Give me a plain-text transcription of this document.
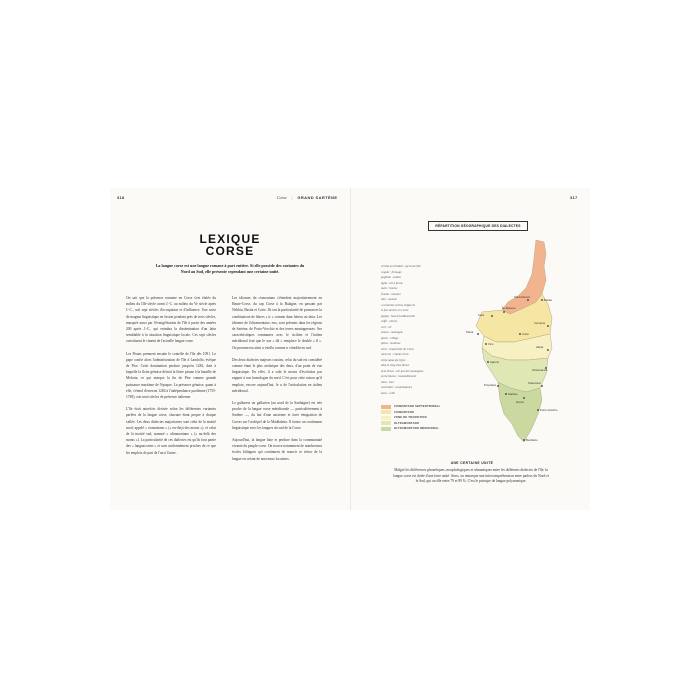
318	317
Corse | GRAND SARTÈNE
LEXIQUE
CORSE
La langue corse est une langue romane à part entière. Si elle possède des variantes du Nord au Sud, elle présente cependant une certaine unité.

On sait que la présence romaine en Corse s'est étalée du milieu du IIIe siècle avant J.-C. au milieu du Ve siècle après J.-C., soit sept siècles d'occupation et d'influence. Une sorte de magma linguistique en fusion pendant près de trois siècles, marquée aussi par l'évangélisation de l'île à partir des années 200 après J.-C., qui entraîna la dissémination d'un latin semblable à la situation linguistique locale. Ces sept siècles constituent le ciment de l'actuelle langue corse.

Les Pisans prennent ensuite le contrôle de l'île dès 1091. Le pape confie alors l'administration de l'île à Landolfo, évêque de Pise. Cette domination perdure jusqu'en 1284, date à laquelle la flotte génoise détruit la flotte pisane à la bataille de Meloria, ce qui marque la fin de Pise comme grande puissance maritime de l'époque. La présence génoise, quant à elle, s'étend d'environ 1284 à l'indépendance paolienne (1755-1769), soit neuf siècles de présence italienne.

L'île était autrefois divisée selon les différentes variantes parlées de la langue corse, chacune étant propre à chaque vallée. Les deux dialectes majoritaires sont celui de la moitié nord, appelé « cismontano » (« en-deçà des monts »), et celui de la moitié sud, nommé « oltramontano » (« au-delà des monts »). La particularité de ces dialectes est qu'ils font partie des « languaccents » et sont uniformément proches de ce que les emplois de part de l'un à l'autre.

Les idiomes du cismontano s'étendent majoritairement en Haute-Corse, du cap Corse à la Balagne, en passant par Nebbiu, Bastia et Corte. Ils ont la particularité de prononcer la combinaison de lettres « tr » comme dans lettera ou fatta. Les idiomes de l'oltramontano, eux, sont présents dans les régions de Sartène, de Porto-Vecchio et des terres montagneuses. Ses caractéristiques communes avec le sicilien et l'italien méridional font que le son « dd » remplace le double « ll ». On prononcera ainsi u vitellu comme u vitteddu en sud.

Des deux dialectes majeurs cousins, celui du sud est considéré comme étant le plus archaïque des deux, d'un point de vue linguistique. En effet, il a subi le moins d'évolution par rapport à son homologue du nord. C'est pour cette raison qu'il emploie, encore aujourd'hui, le u de l'articulation en italien méridional.

Le gallurese ou gallurien (au nord de la Sardaigne) est très proche de la langue corse méridionale — particulièrement à Sartène —, du fait d'une ancienne et forte émigration de Corses sur l'archipel de la Maddalena. Il forme un continuum linguistique avec les langues du sud de la Corse.

Aujourd'hui, la langue latte et perdure dans la communauté vivante du peuple corse. On trouve notamment de nombreuses écoles bilingues qui continuent de nourrir ce trésor de la langue en créant de nouveaux locuteurs.

RÉPARTITION GÉOGRAPHIQUE DES DIALECTES
ch'ella un brindisi : qu'il une fête
cogulu : fromage
pugliulu : pollen
agliu : ail à forme
melu : bourse
frundu : mouton
oliu : maison
u contrente sereno d'Ajaccio
le fort ancien en Corse
pighja : boeuf traditionnelle
caffè : chèvre
cori : cil
muntu : montagne
paese : village
piena : mollesse
terra : immortelle de Corse
tunti ore : chants corse
stirpi aqua pie types
alba le long d'un fleuve
aria fresca : air pur des montagnes
scola linena : rassemblement
tuttu : tout
vacciutuli : coulumatauce
zona : cellé
Bastia
Calvi
Île-Rousse
Saint-Florent
Corte
Aléria
Ajaccio
Propriano
Sartène
Porto-Vecchio
Bonifacio
Ghisonaccia
Vico
Piana
Cervione
Solenzara
Zonza
CISMONTANO SEPTENTRIONAL
CISMONTANO
ZONE DE TRANSITION
OLTRAMONTANO
OLTRAMONTANO MÉRIDIONAL
UNE CERTAINE UNITÉ
Malgré les différences phonétiques, morphologiques et sémantiques entre les différents dialectes de l'île, la langue corse est dotée d'une forte unité. Ainsi, on remarque une intercompréhension entre parlers du Nord et le Sud, qui oscille entre 79 et 89 %. C'est le principe de langue polynomique.
